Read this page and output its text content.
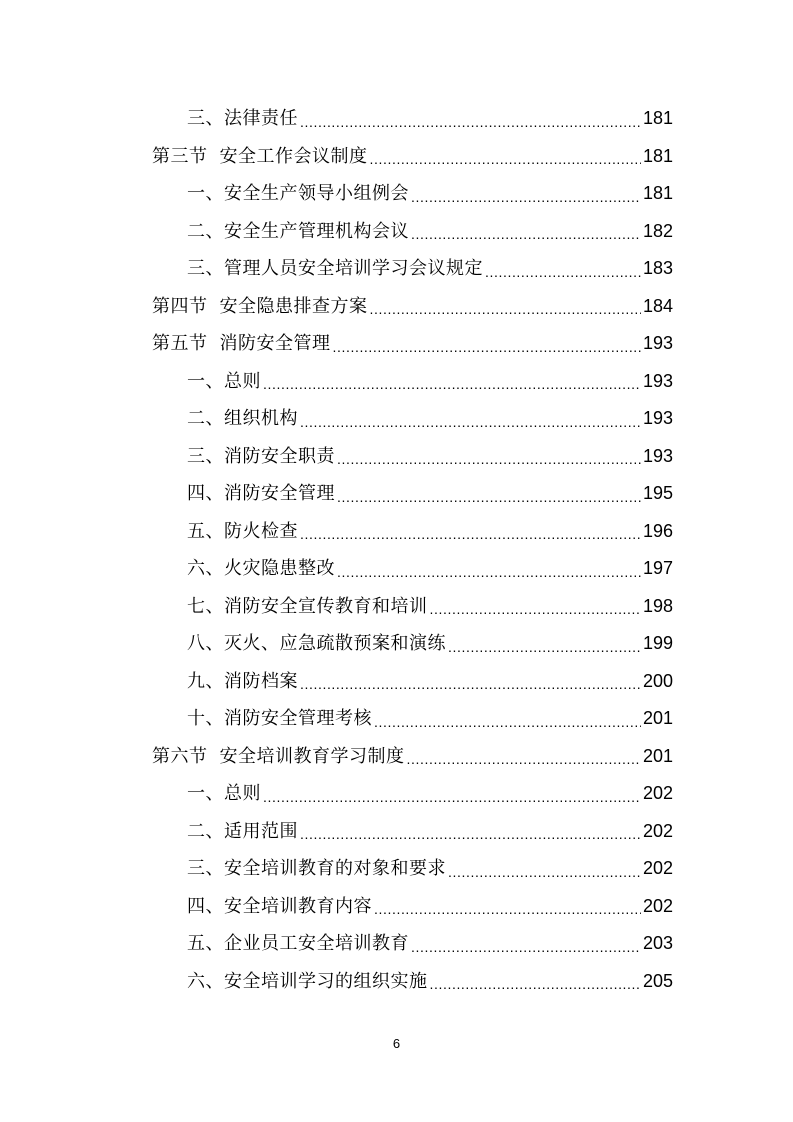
三、法律责任 .....	181
第三节 安全工作会议制度 .....	181
一、安全生产领导小组例会 .....	181
二、安全生产管理机构会议 .....	182
三、管理人员安全培训学习会议规定 .....	183
第四节 安全隐患排查方案 .....	184
第五节 消防安全管理 .....	193
一、总则 .....	193
二、组织机构 .....	193
三、消防安全职责 .....	193
四、消防安全管理 .....	195
五、防火检查 .....	196
六、火灾隐患整改 .....	197
七、消防安全宣传教育和培训 .....	198
八、灭火、应急疏散预案和演练 .....	199
九、消防档案 .....	200
十、消防安全管理考核 .....	201
第六节 安全培训教育学习制度 .....	201
一、总则 .....	202
二、适用范围 .....	202
三、安全培训教育的对象和要求 .....	202
四、安全培训教育内容 .....	202
五、企业员工安全培训教育 .....	203
六、安全培训学习的组织实施 .....	205
6
